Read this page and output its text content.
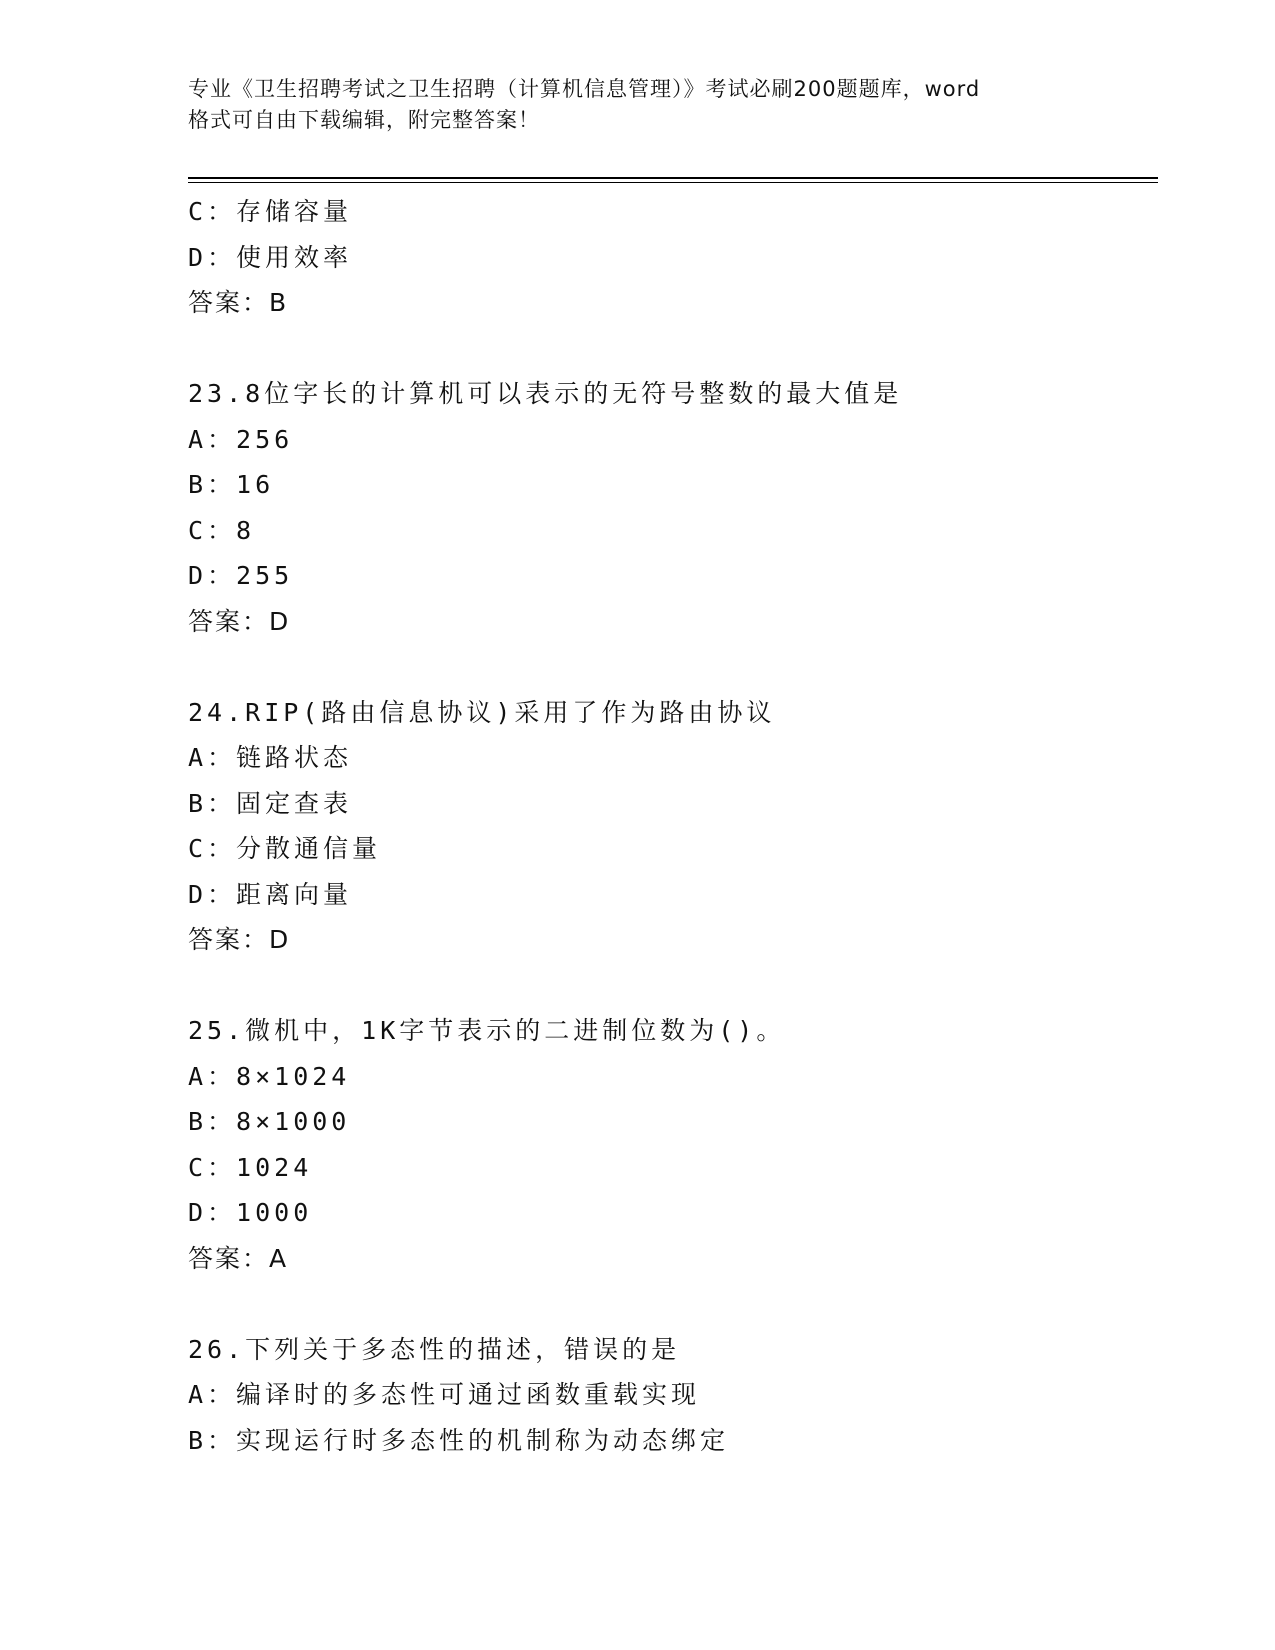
专业《卫生招聘考试之卫生招聘（计算机信息管理）》考试必刷200题题库，word
格式可自由下载编辑，附完整答案！
C：存储容量
D：使用效率
答案：B
23.8位字长的计算机可以表示的无符号整数的最大值是
A：256
B：16
C：8
D：255
答案：D
24.RIP(路由信息协议)采用了作为路由协议
A：链路状态
B：固定查表
C：分散通信量
D：距离向量
答案：D
25.微机中，1K字节表示的二进制位数为()。
A：8×1024
B：8×1000
C：1024
D：1000
答案：A
26.下列关于多态性的描述，错误的是
A：编译时的多态性可通过函数重载实现
B：实现运行时多态性的机制称为动态绑定
